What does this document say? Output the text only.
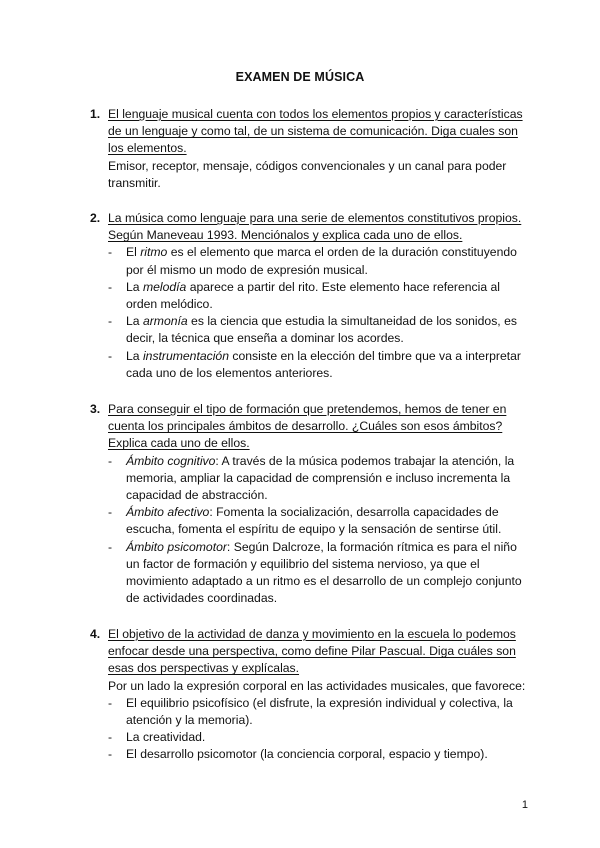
EXAMEN DE MÚSICA
1. El lenguaje musical cuenta con todos los elementos propios y características de un lenguaje y como tal, de un sistema de comunicación. Diga cuales son los elementos.
Emisor, receptor, mensaje, códigos convencionales y un canal para poder transmitir.
2. La música como lenguaje para una serie de elementos constitutivos propios. Según Maneveau 1993. Menciónalos y explica cada uno de ellos.
- El ritmo es el elemento que marca el orden de la duración constituyendo por él mismo un modo de expresión musical.
- La melodía aparece a partir del rito. Este elemento hace referencia al orden melódico.
- La armonía es la ciencia que estudia la simultaneidad de los sonidos, es decir, la técnica que enseña a dominar los acordes.
- La instrumentación consiste en la elección del timbre que va a interpretar cada uno de los elementos anteriores.
3. Para conseguir el tipo de formación que pretendemos, hemos de tener en cuenta los principales ámbitos de desarrollo. ¿Cuáles son esos ámbitos? Explica cada uno de ellos.
- Ámbito cognitivo: A través de la música podemos trabajar la atención, la memoria, ampliar la capacidad de comprensión e incluso incrementa la capacidad de abstracción.
- Ámbito afectivo: Fomenta la socialización, desarrolla capacidades de escucha, fomenta el espíritu de equipo y la sensación de sentirse útil.
- Ámbito psicomotor: Según Dalcroze, la formación rítmica es para el niño un factor de formación y equilibrio del sistema nervioso, ya que el movimiento adaptado a un ritmo es el desarrollo de un complejo conjunto de actividades coordinadas.
4. El objetivo de la actividad de danza y movimiento en la escuela lo podemos enfocar desde una perspectiva, como define Pilar Pascual. Diga cuáles son esas dos perspectivas y explícalas.
Por un lado la expresión corporal en las actividades musicales, que favorece:
- El equilibrio psicofísico (el disfrute, la expresión individual y colectiva, la atención y la memoria).
- La creatividad.
- El desarrollo psicomotor (la conciencia corporal, espacio y tiempo).
1
